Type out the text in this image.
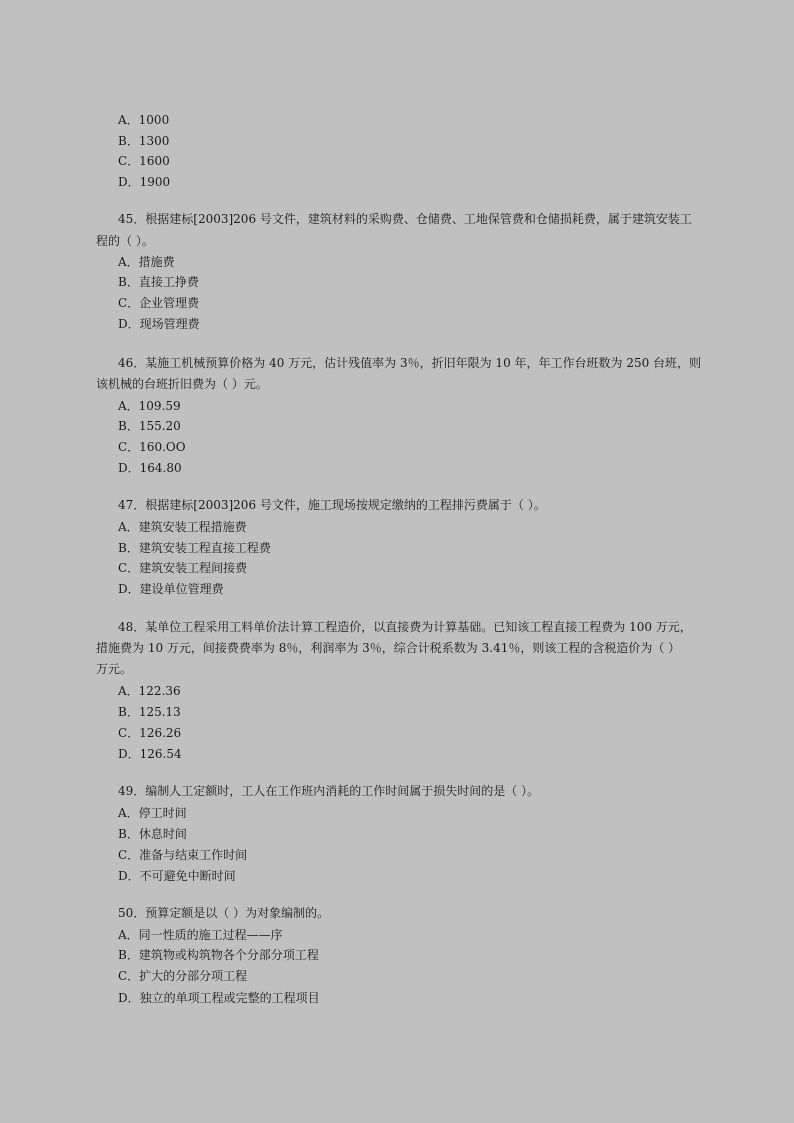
A．1000
B．1300
C．1600
D．1900
45．根据建标[2003]206 号文件，建筑材料的采购费、仓储费、工地保管费和仓储损耗费，属于建筑安装工
程的（ ）。
A．措施费
B．直接工挣费
C．企业管理费
D．现场管理费
46．某施工机械预算价格为 40 万元，估计残值率为 3％，折旧年限为 10 年，年工作台班数为 250 台班，则
该机械的台班折旧费为（ ）元。
A．109.59
B．155.20
C．160.OO
D．164.80
47．根据建标[2003]206 号文件，施工现场按规定缴纳的工程排污费属于（ ）。
A．建筑安装工程措施费
B．建筑安装工程直接工程费
C．建筑安装工程间接费
D．建设单位管理费
48．某单位工程采用工料单价法计算工程造价，以直接费为计算基础。已知该工程直接工程费为 100 万元，
措施费为 10 万元，间接费费率为 8％，利润率为 3％，综合计税系数为 3.41％，则该工程的含税造价为（ ）
万元。
A．122.36
B．125.13
C．126.26
D．126.54
49．编制人工定额时，工人在工作班内消耗的工作时间属于损失时间的是（ ）。
A．停工时间
B．休息时间
C．准备与结束工作时间
D．不可避免中断时间
50．预算定额是以（ ）为对象编制的。
A．同一性质的施工过程——序
B．建筑物或构筑物各个分部分项工程
C．扩大的分部分项工程
D．独立的单项工程或完整的工程项目
